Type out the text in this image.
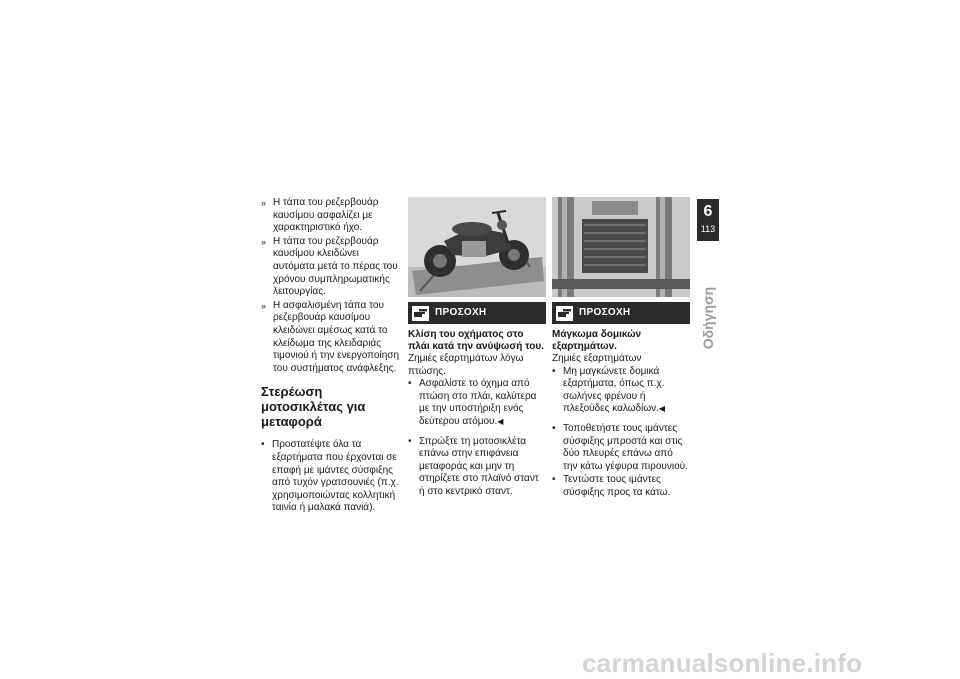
» Η τάπα του ρεζερβουάρ καυσίμου ασφαλίζει με χαρακτηριστικό ήχο.
» Η τάπα του ρεζερβουάρ καυσίμου κλειδώνει αυτόματα μετά το πέρας του χρόνου συμπληρωματικής λειτουργίας.
» Η ασφαλισμένη τάπα του ρεζερβουάρ καυσίμου κλειδώνει αμέσως κατά το κλείδωμα της κλειδαριάς τιμονιού ή την ενεργοποίηση του συστήματος ανάφλεξης.
Στερέωση μοτοσικλέτας για μεταφορά
• Προστατέψτε όλα τα εξαρτήματα που έρχονται σε επαφή με ιμάντες σύσφιξης από τυχόν γρατσουνιές (π.χ. χρησιμοποιώντας κολλητική ταινία ή μαλακά πανιά).
ΠΡΟΣΟΧΗ
Κλίση του οχήματος στο πλάι κατά την ανύψωσή του.

Ζημιές εξαρτημάτων λόγω πτώσης.

• Ασφαλίστε το όχημα από πτώση στο πλάι, καλύτερα με την υποστήριξη ενός δεύτερου ατόμου.◀
• Σπρώξτε τη μοτοσικλέτα επάνω στην επιφάνεια μεταφοράς και μην τη στηρίζετε στο πλαϊνό σταντ ή στο κεντρικό σταντ.
ΠΡΟΣΟΧΗ
Μάγκωμα δομικών εξαρτημάτων.

Ζημιές εξαρτημάτων

• Μη μαγκώνετε δομικά εξαρτήματα, όπως π.χ. σωλήνες φρένου ή πλεξούδες καλωδίων.◀
• Τοποθετήστε τους ιμάντες σύσφιξης μπροστά και στις δύο πλευρές επάνω από την κάτω γέφυρα πιρουνιού.
• Τεντώστε τους ιμάντες σύσφιξης προς τα κάτω.
6
113
Οδήγηση
carmanualsonline.info
